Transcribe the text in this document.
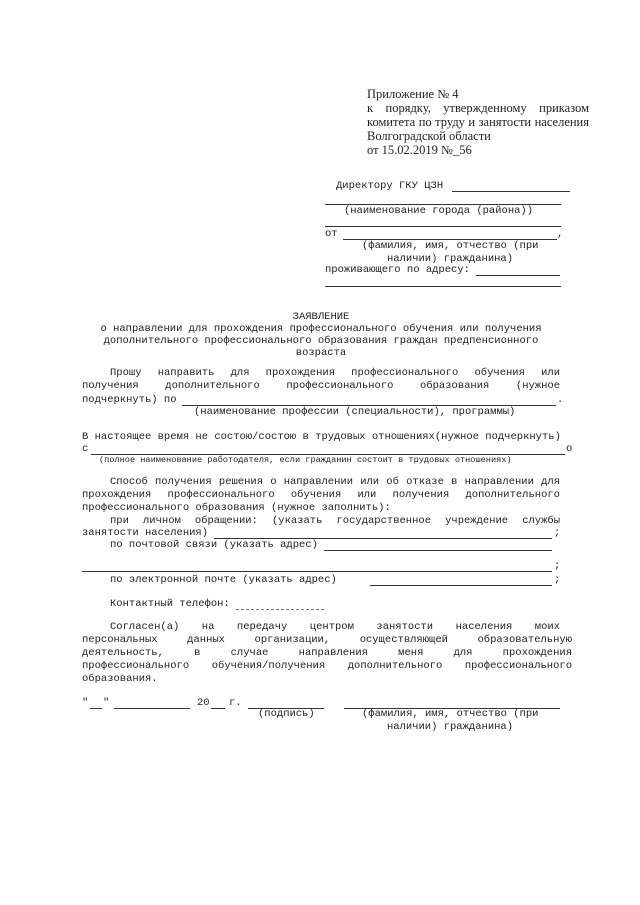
Приложение № 4
к порядку, утвержденному приказом
комитета по труду и занятости населения
Волгоградской области
от 15.02.2019 №_56
Директору ГКУ ЦЗН
(наименование города (района))
от	,
(фамилия, имя, отчество (при
наличии) гражданина)
проживающего по адресу:
ЗАЯВЛЕНИЕ
о направлении для прохождения профессионального обучения или получения
дополнительного профессионального образования граждан предпенсионного
возраста
Прошу направить для прохождения профессионального обучения или
получения дополнительного профессионального образования (нужное
подчеркнуть) по	.
(наименование профессии (специальности), программы)
В настоящее время не состою/состою в трудовых отношениях(нужное подчеркнуть)
с	о
(полное наименование работодателя, если гражданин состоит в трудовых отношениях)
Способ получения решения о направлении или об отказе в направлении для
прохождения профессионального обучения или получения дополнительного
профессионального образования (нужное заполнить):
при личном обращении: (указать государственное учреждение службы
занятости населения)	;
по почтовой связи (указать адрес)
;
по электронной почте (указать адрес)	;
Контактный телефон:
Согласен(а) на передачу центром занятости населения моих
персональных данных организации, осуществляющей образовательную
деятельность, в случае направления меня для прохождения
профессионального обучения/получения дополнительного профессионального
образования.
" "	20 г.
(подпись)	(фамилия, имя, отчество (при
наличии) гражданина)
